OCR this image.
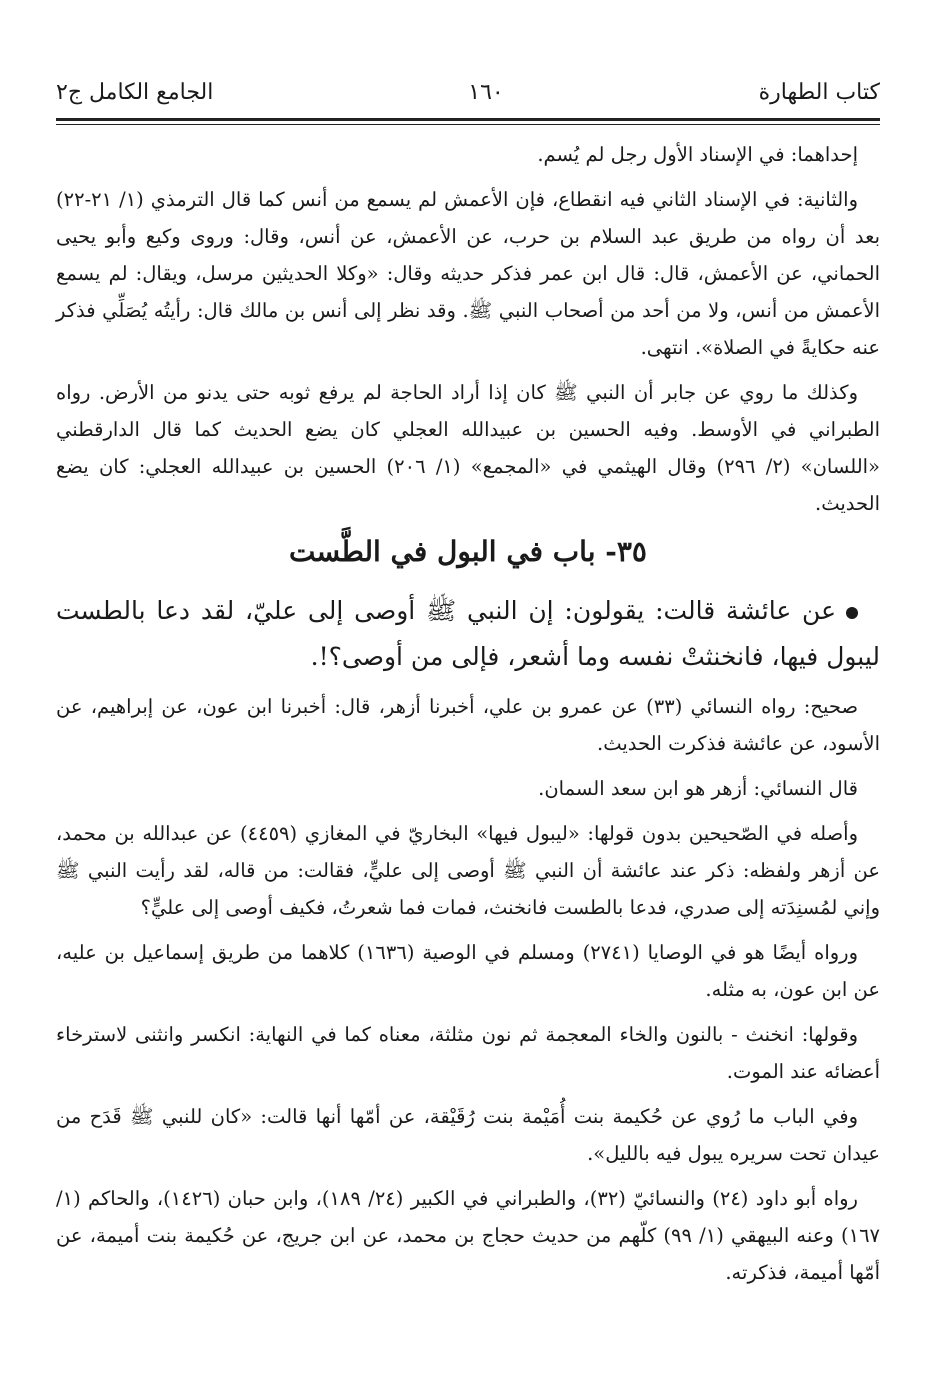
كتاب الطهارة
١٦٠
الجامع الكامل ج٢

إحداهما: في الإسناد الأول رجل لم يُسم.

والثانية: في الإسناد الثاني فيه انقطاع، فإن الأعمش لم يسمع من أنس كما قال الترمذي (١/ ٢١-٢٢) بعد أن رواه من طريق عبد السلام بن حرب، عن الأعمش، عن أنس، وقال: وروى وكيع وأبو يحيى الحماني، عن الأعمش، قال: قال ابن عمر فذكر حديثه وقال: «وكلا الحديثين مرسل، ويقال: لم يسمع الأعمش من أنس، ولا من أحد من أصحاب النبي ﷺ. وقد نظر إلى أنس بن مالك قال: رأيتُه يُصَلِّي فذكر عنه حكايةً في الصلاة». انتهى.

وكذلك ما روي عن جابر أن النبي ﷺ كان إذا أراد الحاجة لم يرفع ثوبه حتى يدنو من الأرض. رواه الطبراني في الأوسط. وفيه الحسين بن عبيدالله العجلي كان يضع الحديث كما قال الدارقطني «اللسان» (٢/ ٢٩٦) وقال الهيثمي في «المجمع» (١/ ٢٠٦) الحسين بن عبيدالله العجلي: كان يضع الحديث.

٣٥- باب في البول في الطَّست

عن عائشة قالت: يقولون: إن النبي ﷺ أوصى إلى عليّ، لقد دعا بالطست ليبول فيها، فانخنثتْ نفسه وما أشعر، فإلى من أوصى؟!.

صحيح: رواه النسائي (٣٣) عن عمرو بن علي، أخبرنا أزهر، قال: أخبرنا ابن عون، عن إبراهيم، عن الأسود، عن عائشة فذكرت الحديث.

قال النسائي: أزهر هو ابن سعد السمان.

وأصله في الصّحيحين بدون قولها: «ليبول فيها» البخاريّ في المغازي (٤٤٥٩) عن عبدالله بن محمد، عن أزهر ولفظه: ذكر عند عائشة أن النبي ﷺ أوصى إلى عليٍّ، فقالت: من قاله، لقد رأيت النبي ﷺ وإني لمُسنِدَته إلى صدري، فدعا بالطست فانخنث، فمات فما شعرتُ، فكيف أوصى إلى عليٍّ؟

ورواه أيضًا هو في الوصايا (٢٧٤١) ومسلم في الوصية (١٦٣٦) كلاهما من طريق إسماعيل بن عليه، عن ابن عون، به مثله.

وقولها: انخنث - بالنون والخاء المعجمة ثم نون مثلثة، معناه كما في النهاية: انكسر وانثنى لاسترخاء أعضائه عند الموت.

وفي الباب ما رُوي عن حُكيمة بنت أُمَيْمة بنت رُقَيْقة، عن أمّها أنها قالت: «كان للنبي ﷺ قَدَح من عيدان تحت سريره يبول فيه بالليل».

رواه أبو داود (٢٤) والنسائيّ (٣٢)، والطبراني في الكبير (٢٤/ ١٨٩)، وابن حبان (١٤٢٦)، والحاكم (١/ ١٦٧) وعنه البيهقي (١/ ٩٩) كلّهم من حديث حجاج بن محمد، عن ابن جريج، عن حُكيمة بنت أميمة، عن أمّها أميمة، فذكرته.
